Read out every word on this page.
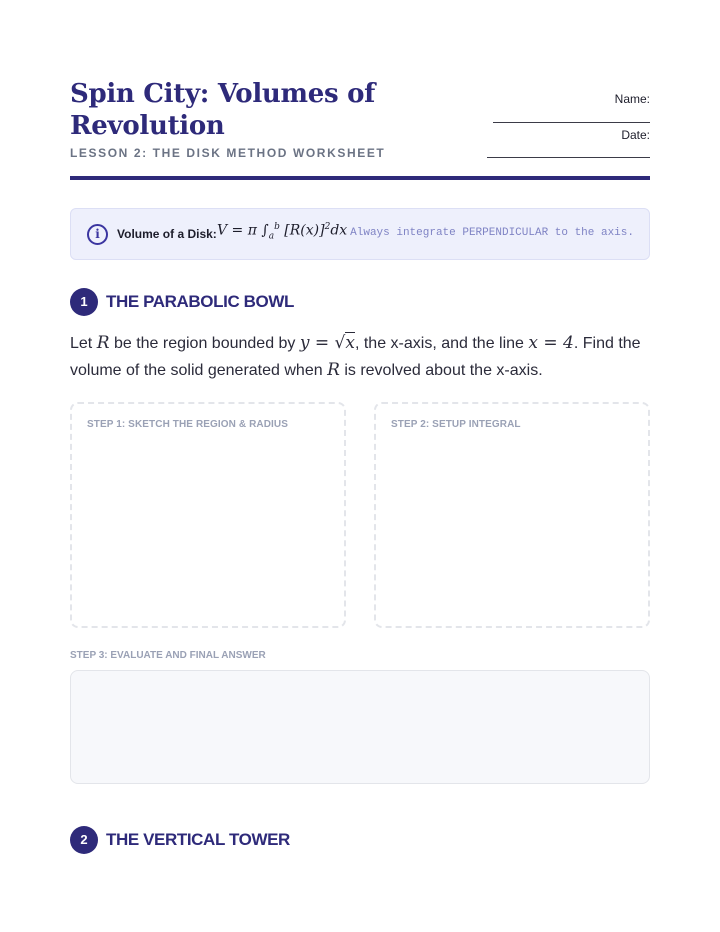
Spin City: Volumes of Revolution
LESSON 2: THE DISK METHOD WORKSHEET
Name:
Date:
i	Volume of a Disk: V = π $\int_a^b$ $[R(x)]^2dx$ Always integrate PERPENDICULAR to the axis.
1	THE PARABOLIC BOWL
Let R be the region bounded by y = √x, the x-axis, and the line x = 4. Find the volume of the solid generated when R is revolved about the x-axis.
STEP 1: SKETCH THE REGION & RADIUS	STEP 2: SETUP INTEGRAL
STEP 3: EVALUATE AND FINAL ANSWER
2	THE VERTICAL TOWER
